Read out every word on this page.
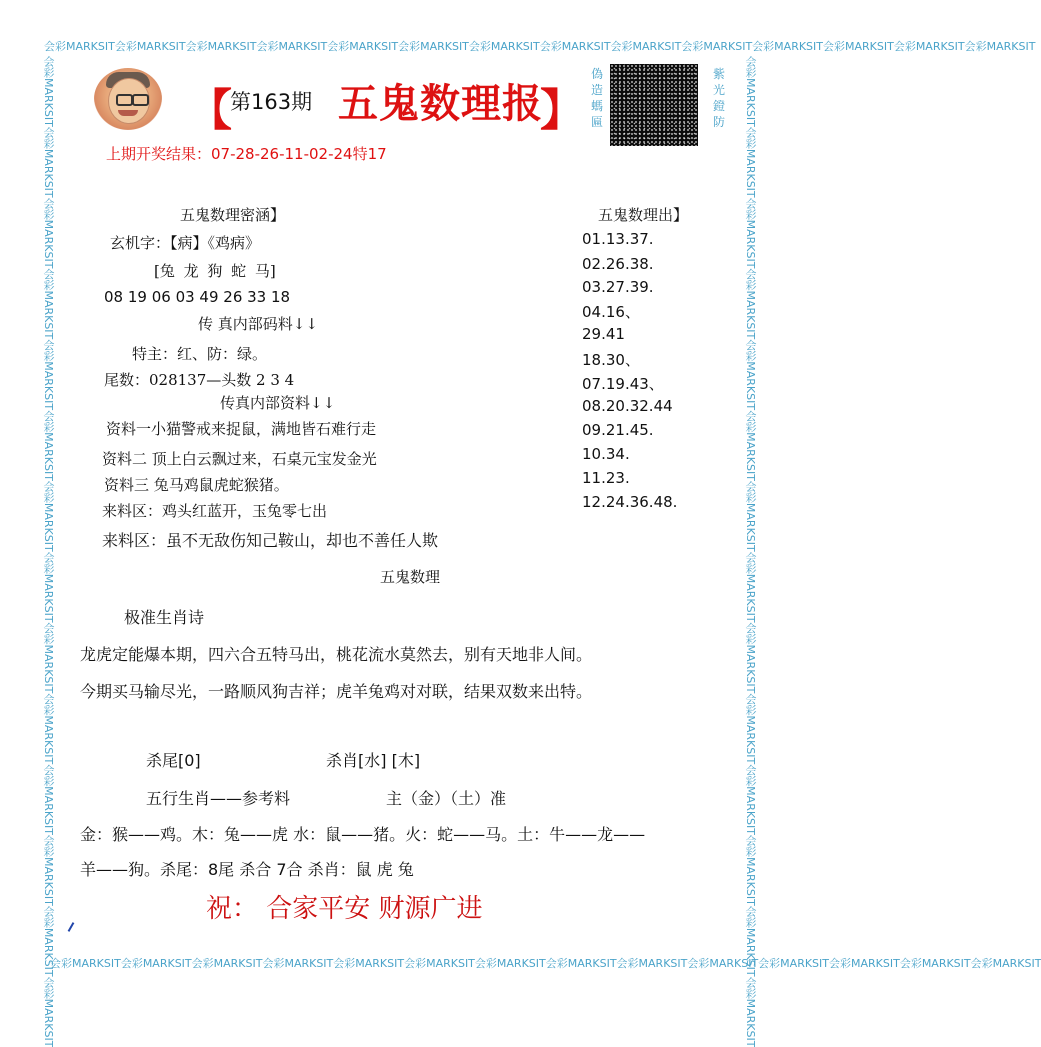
会彩MARKSIT会彩MARKSIT会彩MARKSIT会彩MARKSIT会彩MARKSIT会彩MARKSIT会彩MARKSIT会彩MARKSIT会彩MARKSIT会彩MARKSIT会彩MARKSIT会彩MARKSIT会彩MARKSIT会彩MARKSIT
会彩MARKSIT会彩MARKSIT会彩MARKSIT会彩MARKSIT会彩MARKSIT会彩MARKSIT会彩MARKSIT会彩MARKSIT会彩MARKSIT会彩MARKSIT会彩MARKSIT会彩MARKSIT会彩MARKSIT会彩MARKSIT
会彩MARKSIT会彩MARKSIT会彩MARKSIT会彩MARKSIT会彩MARKSIT会彩MARKSIT会彩MARKSIT会彩MARKSIT会彩MARKSIT会彩MARKSIT会彩MARKSIT会彩MARKSIT会彩MARKSIT会彩MARKSIT	会彩MARKSIT会彩MARKSIT会彩MARKSIT会彩MARKSIT会彩MARKSIT会彩MARKSIT会彩MARKSIT会彩MARKSIT会彩MARKSIT会彩MARKSIT会彩MARKSIT会彩MARKSIT会彩MARKSIT会彩MARKSIT
【
第163期 五鬼数理报
】
偽造螞匾
紫光鐙防
上期开奖结果：07-28-26-11-02-24特17
五鬼数理密涵】
玄机字：【病】《鸡病》
[兔 龙 狗 蛇 马]
08 19 06 03 49 26 33 18
传 真内部码料↓↓
特主：红、防：绿。
尾数：028137—头数 2 3 4
传真内部资料↓↓
资料一小猫警戒来捉鼠，满地皆石难行走
资料二 顶上白云飘过来，石桌元宝发金光
资料三 兔马鸡鼠虎蛇猴猪。
来料区：鸡头红蓝开，玉兔零七出
来料区：虽不无敌伤知己鞍山，却也不善任人欺
五鬼数理出】
01.13.37.
02.26.38.
03.27.39.
04.16、
29.41
18.30、
07.19.43、
08.20.32.44
09.21.45.
10.34.
11.23.
12.24.36.48.
五鬼数理
极准生肖诗
龙虎定能爆本期，四六合五特马出，桃花流水莫然去，别有天地非人间。
今期买马输尽光，一路顺风狗吉祥；虎羊兔鸡对对联，结果双数来出特。
杀尾[0]	杀肖[水] [木]
五行生肖——参考料	主（金）（土）准
金：猴——鸡。木：兔——虎 水：鼠——猪。火：蛇——马。土：牛——龙——
羊——狗。杀尾：8尾 杀合 7合 杀肖：鼠 虎 兔
祝： 合家平安 财源广进
